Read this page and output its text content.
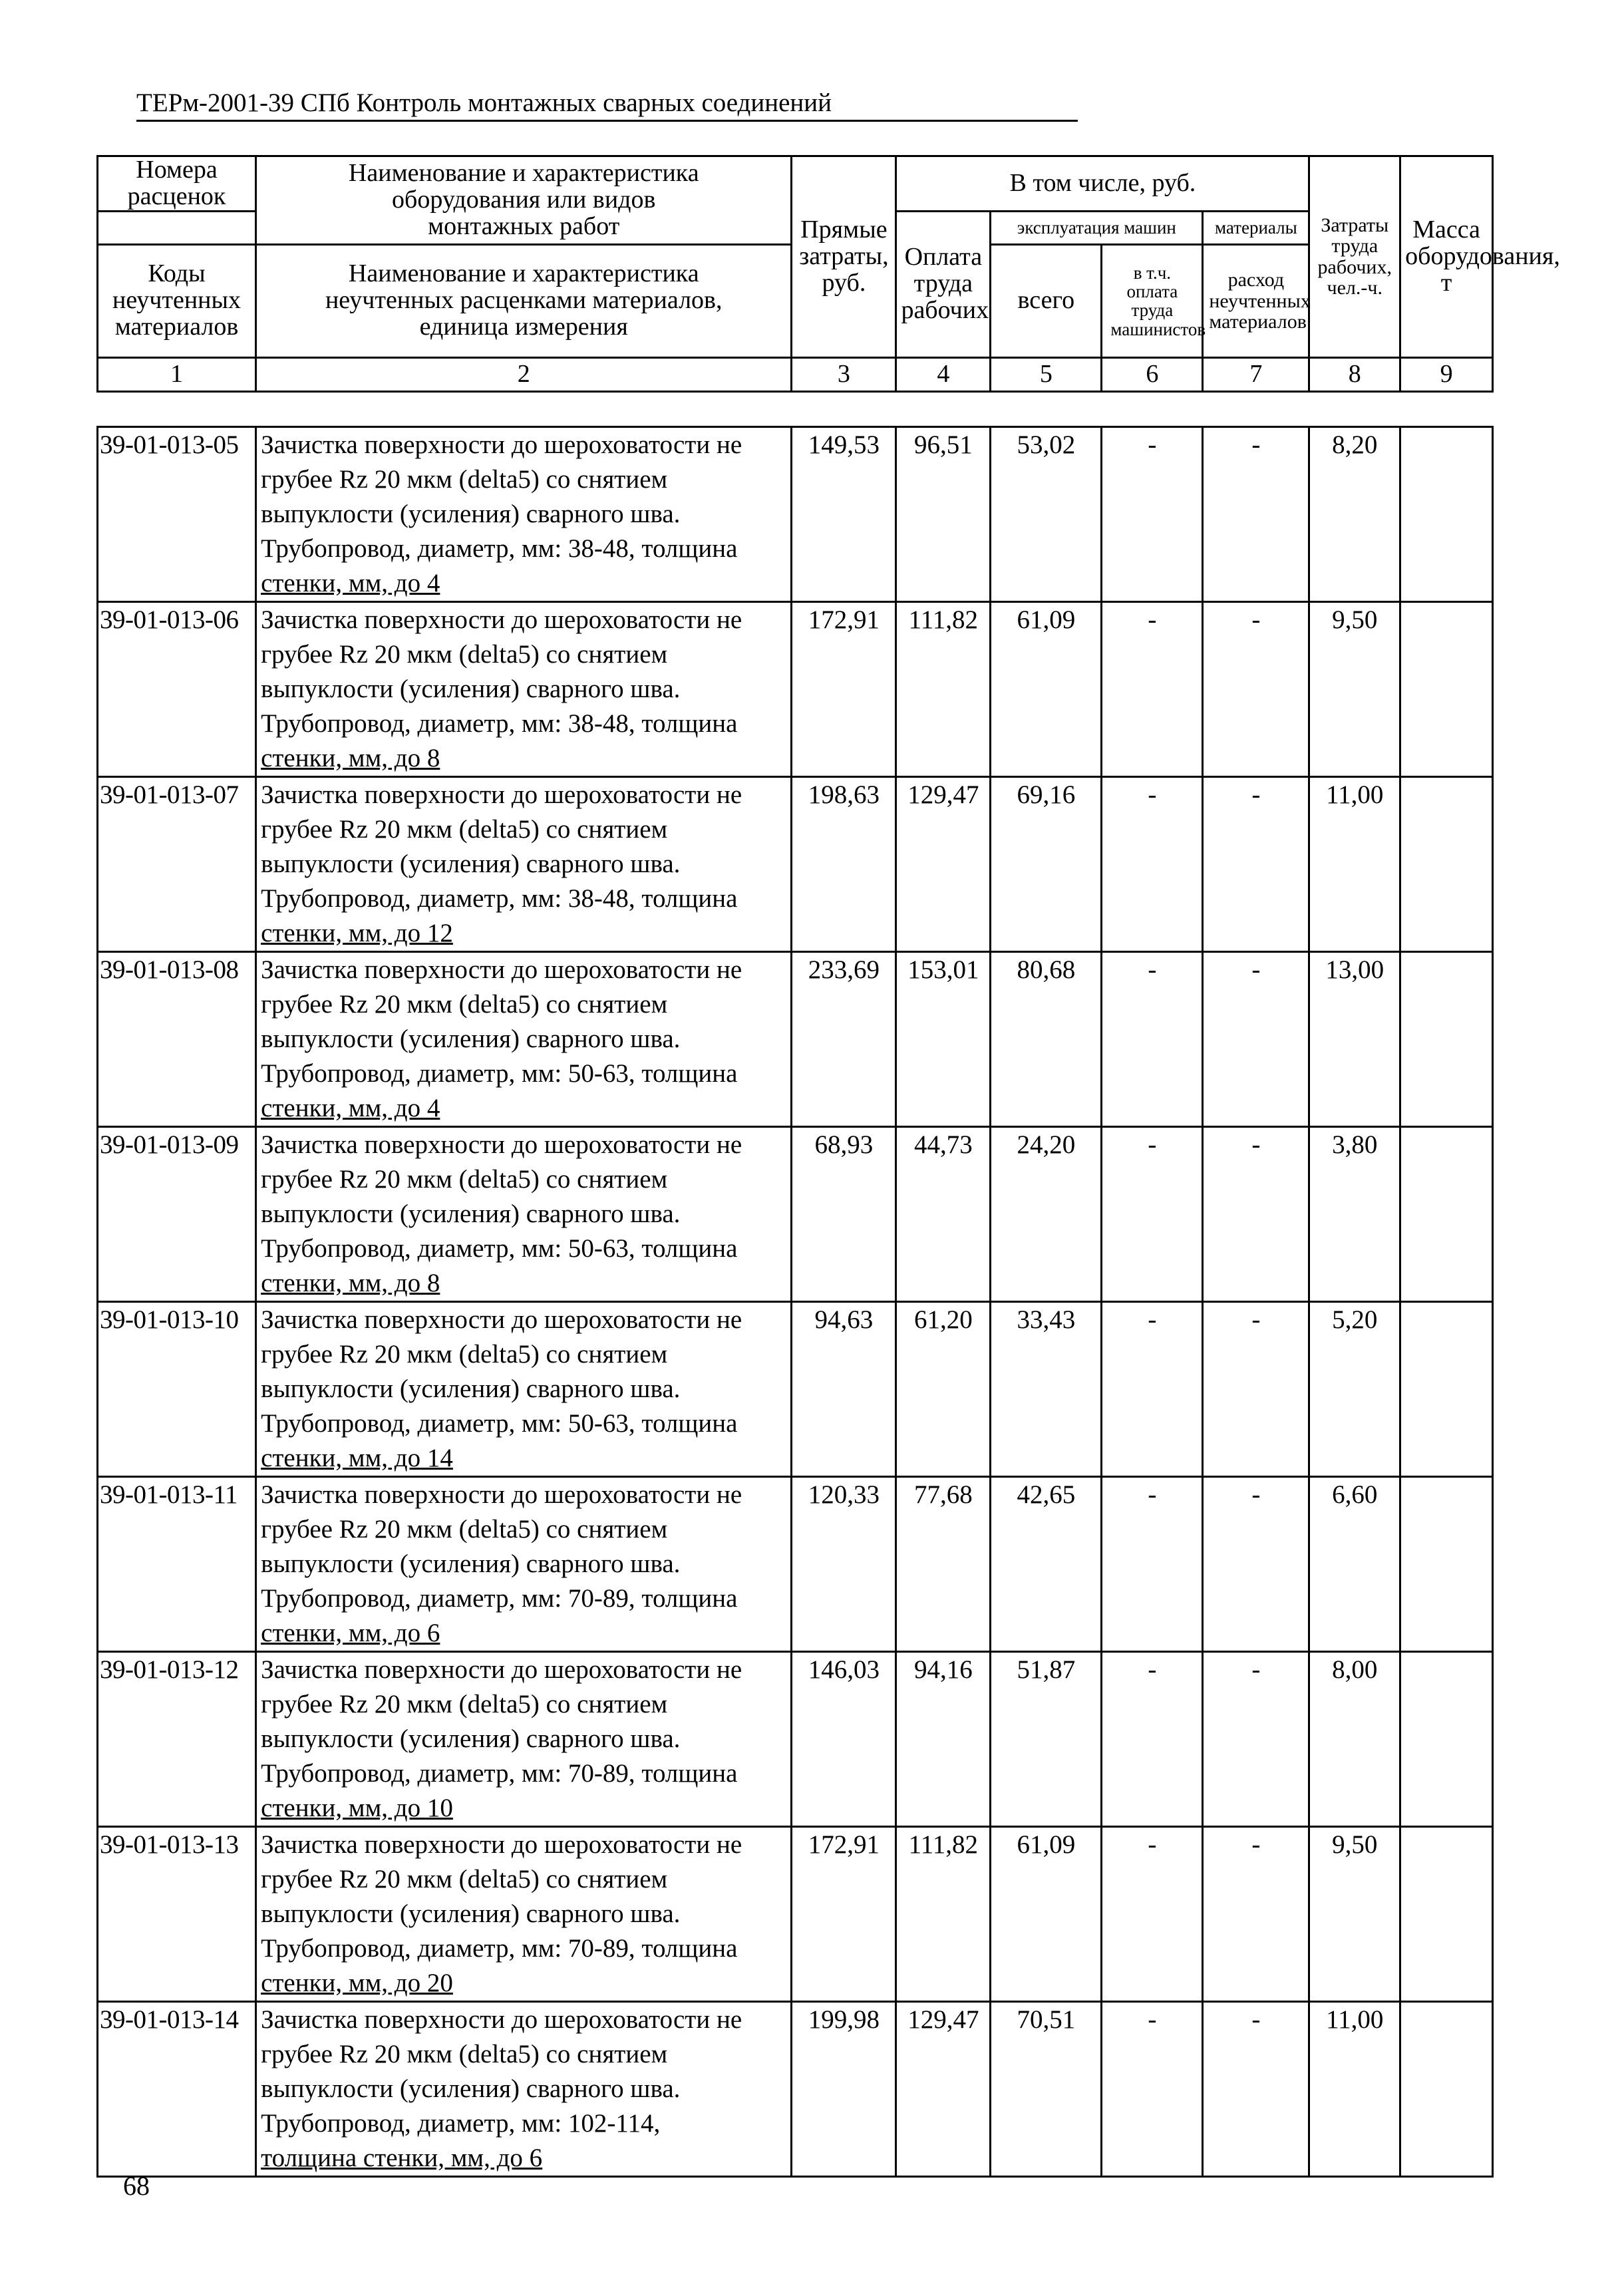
ТЕРм-2001-39 СПб Контроль монтажных сварных соединений
Номера расценок	Наименование и характеристика оборудования или видов монтажных работ	Прямые затраты, руб.	В том числе, руб.				Затраты труда рабочих, чел.-ч.	Масса оборудования, т
			Оплата труда рабочих	эксплуатация машин		материалы		
Коды неучтенных материалов	Наименование и характеристика неучтенных расценками материалов, единица измерения			всего	в т.ч. оплата труда машинистов	расход неучтенных материалов		

1	2	3	4	5	6	7	8	9
39-01-013-05	Зачистка поверхности до шероховатости не
грубее Rz 20 мкм (delta5) со снятием
выпуклости (усиления) сварного шва.
Трубопровод, диаметр, мм: 38-48, толщина
стенки, мм, до 4	149,53	96,51	53,02	-	-	8,20	
39-01-013-06	Зачистка поверхности до шероховатости не
грубее Rz 20 мкм (delta5) со снятием
выпуклости (усиления) сварного шва.
Трубопровод, диаметр, мм: 38-48, толщина
стенки, мм, до 8	172,91	111,82	61,09	-	-	9,50	
39-01-013-07	Зачистка поверхности до шероховатости не
грубее Rz 20 мкм (delta5) со снятием
выпуклости (усиления) сварного шва.
Трубопровод, диаметр, мм: 38-48, толщина
стенки, мм, до 12	198,63	129,47	69,16	-	-	11,00	
39-01-013-08	Зачистка поверхности до шероховатости не
грубее Rz 20 мкм (delta5) со снятием
выпуклости (усиления) сварного шва.
Трубопровод, диаметр, мм: 50-63, толщина
стенки, мм, до 4	233,69	153,01	80,68	-	-	13,00	
39-01-013-09	Зачистка поверхности до шероховатости не
грубее Rz 20 мкм (delta5) со снятием
выпуклости (усиления) сварного шва.
Трубопровод, диаметр, мм: 50-63, толщина
стенки, мм, до 8	68,93	44,73	24,20	-	-	3,80	
39-01-013-10	Зачистка поверхности до шероховатости не
грубее Rz 20 мкм (delta5) со снятием
выпуклости (усиления) сварного шва.
Трубопровод, диаметр, мм: 50-63, толщина
стенки, мм, до 14	94,63	61,20	33,43	-	-	5,20	
39-01-013-11	Зачистка поверхности до шероховатости не
грубее Rz 20 мкм (delta5) со снятием
выпуклости (усиления) сварного шва.
Трубопровод, диаметр, мм: 70-89, толщина
стенки, мм, до 6	120,33	77,68	42,65	-	-	6,60	
39-01-013-12	Зачистка поверхности до шероховатости не
грубее Rz 20 мкм (delta5) со снятием
выпуклости (усиления) сварного шва.
Трубопровод, диаметр, мм: 70-89, толщина
стенки, мм, до 10	146,03	94,16	51,87	-	-	8,00	
39-01-013-13	Зачистка поверхности до шероховатости не
грубее Rz 20 мкм (delta5) со снятием
выпуклости (усиления) сварного шва.
Трубопровод, диаметр, мм: 70-89, толщина
стенки, мм, до 20	172,91	111,82	61,09	-	-	9,50	
39-01-013-14	Зачистка поверхности до шероховатости не
грубее Rz 20 мкм (delta5) со снятием
выпуклости (усиления) сварного шва.
Трубопровод, диаметр, мм: 102-114,
толщина стенки, мм, до 6	199,98	129,47	70,51	-	-	11,00	
68
